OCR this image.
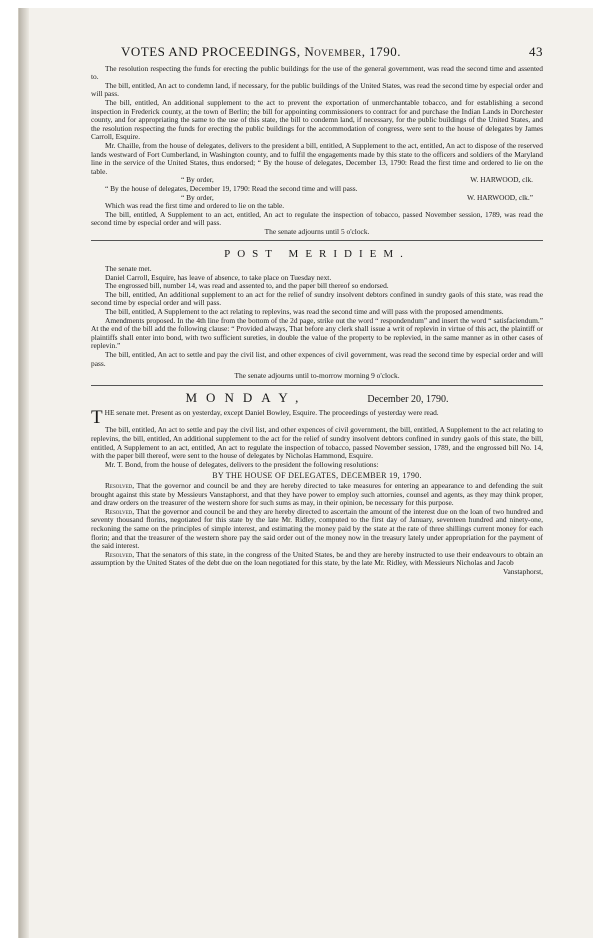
VOTES AND PROCEEDINGS, November, 1790.	43

The resolution respecting the funds for erecting the public buildings for the use of the general government, was read the second time and assented to.

The bill, entitled, An act to condemn land, if necessary, for the public buildings of the United States, was read the second time by especial order and will pass.

The bill, entitled, An additional supplement to the act to prevent the exportation of unmerchantable tobacco, and for establishing a second inspection in Frederick county, at the town of Berlin; the bill for appointing commissioners to contract for and purchase the Indian Lands in Dorchester county, and for appropriating the same to the use of this state, the bill to condemn land, if necessary, for the public buildings of the United States, and the resolution respecting the funds for erecting the public buildings for the accommodation of congress, were sent to the house of delegates by James Carroll, Esquire.

Mr. Chaille, from the house of delegates, delivers to the president a bill, entitled, A Supplement to the act, entitled, An act to dispose of the reserved lands westward of Fort Cumberland, in Washington county, and to fulfil the engagements made by this state to the officers and soldiers of the Maryland line in the service of the United States, thus endorsed; “ By the house of delegates, December 13, 1790: Read the first time and ordered to lie on the table.

“ By order,	W. HARWOOD, clk.

“ By the house of delegates, December 19, 1790: Read the second time and will pass.

“ By order,	W. HARWOOD, clk.”

Which was read the first time and ordered to lie on the table.

The bill, entitled, A Supplement to an act, entitled, An act to regulate the inspection of tobacco, passed November session, 1789, was read the second time by especial order and will pass.

The senate adjourns until 5 o'clock.

POST MERIDIEM.

The senate met.

Daniel Carroll, Esquire, has leave of absence, to take place on Tuesday next.

The engrossed bill, number 14, was read and assented to, and the paper bill thereof so endorsed.

The bill, entitled, An additional supplement to an act for the relief of sundry insolvent debtors confined in sundry gaols of this state, was read the second time by especial order and will pass.

The bill, entitled, A Supplement to the act relating to replevins, was read the second time and will pass with the proposed amendments.

Amendments proposed. In the 4th line from the bottom of the 2d page, strike out the word “ respondendum” and insert the word “ satisfaciendum.” At the end of the bill add the following clause: “ Provided always, That before any clerk shall issue a writ of replevin in virtue of this act, the plaintiff or plaintiffs shall enter into bond, with two sufficient sureties, in double the value of the property to be replevied, in the same manner as in other cases of replevin.”

The bill, entitled, An act to settle and pay the civil list, and other expences of civil government, was read the second time by especial order and will pass.

The senate adjourns until to-morrow morning 9 o'clock.

MONDAY,	December 20, 1790.

THE senate met. Present as on yesterday, except Daniel Bowley, Esquire. The proceedings of yesterday were read.

The bill, entitled, An act to settle and pay the civil list, and other expences of civil government, the bill, entitled, A Supplement to the act relating to replevins, the bill, entitled, An additional supplement to the act for the relief of sundry insolvent debtors confined in sundry gaols of this state, the bill, entitled, A Supplement to an act, entitled, An act to regulate the inspection of tobacco, passed November session, 1789, and the engrossed bill No. 14, with the paper bill thereof, were sent to the house of delegates by Nicholas Hammond, Esquire.

Mr. T. Bond, from the house of delegates, delivers to the president the following resolutions:

BY THE HOUSE OF DELEGATES, DECEMBER 19, 1790.

Resolved, That the governor and council be and they are hereby directed to take measures for entering an appearance to and defending the suit brought against this state by Messieurs Vanstaphorst, and that they have power to employ such attornies, counsel and agents, as they may think proper, and draw orders on the treasurer of the western shore for such sums as may, in their opinion, be necessary for this purpose.

Resolved, That the governor and council be and they are hereby directed to ascertain the amount of the interest due on the loan of two hundred and seventy thousand florins, negotiated for this state by the late Mr. Ridley, computed to the first day of January, seventeen hundred and ninety-one, reckoning the same on the principles of simple interest, and estimating the money paid by the state at the rate of three shillings current money for each florin; and that the treasurer of the western shore pay the said order out of the money now in the treasury lately under appropriation for the payment of the said interest.

Resolved, That the senators of this state, in the congress of the United States, be and they are hereby instructed to use their endeavours to obtain an assumption by the United States of the debt due on the loan negotiated for this state, by the late Mr. Ridley, with Messieurs Nicholas and Jacob

Vanstaphorst,
